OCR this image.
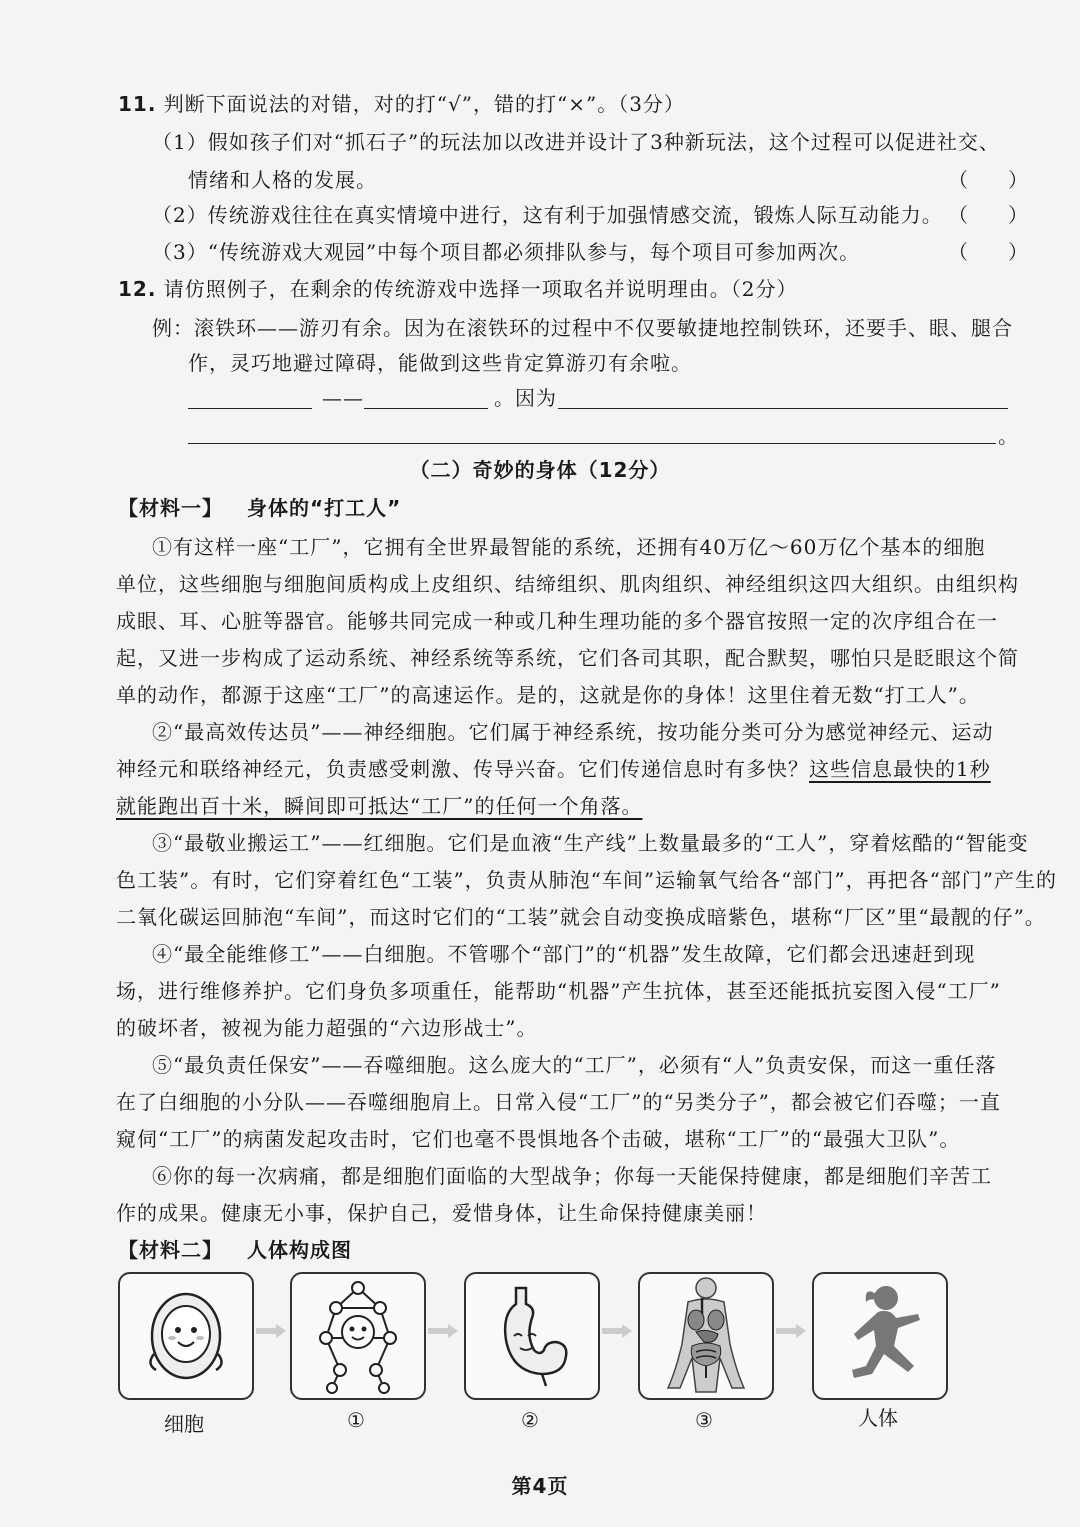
11. 判断下面说法的对错，对的打“√”，错的打“×”。（3分）
（1）假如孩子们对“抓石子”的玩法加以改进并设计了3种新玩法，这个过程可以促进社交、
情绪和人格的发展。	（　　）
（2）传统游戏往往在真实情境中进行，这有利于加强情感交流，锻炼人际互动能力。 （　　）
（3）“传统游戏大观园”中每个项目都必须排队参与，每个项目可参加两次。	（　　）
12. 请仿照例子，在剩余的传统游戏中选择一项取名并说明理由。（2分）
例：滚铁环——游刃有余。因为在滚铁环的过程中不仅要敏捷地控制铁环，还要手、眼、腿合
作，灵巧地避过障碍，能做到这些肯定算游刃有余啦。
——	。因为
。
（二）奇妙的身体（12分）
【材料一】 身体的“打工人”
①有这样一座“工厂”，它拥有全世界最智能的系统，还拥有40万亿～60万亿个基本的细胞
单位，这些细胞与细胞间质构成上皮组织、结缔组织、肌肉组织、神经组织这四大组织。由组织构
成眼、耳、心脏等器官。能够共同完成一种或几种生理功能的多个器官按照一定的次序组合在一
起，又进一步构成了运动系统、神经系统等系统，它们各司其职，配合默契，哪怕只是眨眼这个简
单的动作，都源于这座“工厂”的高速运作。是的，这就是你的身体！这里住着无数“打工人”。
②“最高效传达员”——神经细胞。它们属于神经系统，按功能分类可分为感觉神经元、运动
神经元和联络神经元，负责感受刺激、传导兴奋。它们传递信息时有多快？这些信息最快的1秒
就能跑出百十米，瞬间即可抵达“工厂”的任何一个角落。
③“最敬业搬运工”——红细胞。它们是血液“生产线”上数量最多的“工人”，穿着炫酷的“智能变
色工装”。有时，它们穿着红色“工装”，负责从肺泡“车间”运输氧气给各“部门”，再把各“部门”产生的
二氧化碳运回肺泡“车间”，而这时它们的“工装”就会自动变换成暗紫色，堪称“厂区”里“最靓的仔”。
④“最全能维修工”——白细胞。不管哪个“部门”的“机器”发生故障，它们都会迅速赶到现
场，进行维修养护。它们身负多项重任，能帮助“机器”产生抗体，甚至还能抵抗妄图入侵“工厂”
的破坏者，被视为能力超强的“六边形战士”。
⑤“最负责任保安”——吞噬细胞。这么庞大的“工厂”，必须有“人”负责安保，而这一重任落
在了白细胞的小分队——吞噬细胞肩上。日常入侵“工厂”的“另类分子”，都会被它们吞噬；一直
窥伺“工厂”的病菌发起攻击时，它们也毫不畏惧地各个击破，堪称“工厂”的“最强大卫队”。
⑥你的每一次病痛，都是细胞们面临的大型战争；你每一天能保持健康，都是细胞们辛苦工
作的成果。健康无小事，保护自己，爱惜身体，让生命保持健康美丽！
【材料二】 人体构成图
细胞	①	②	③	人体
第4页
